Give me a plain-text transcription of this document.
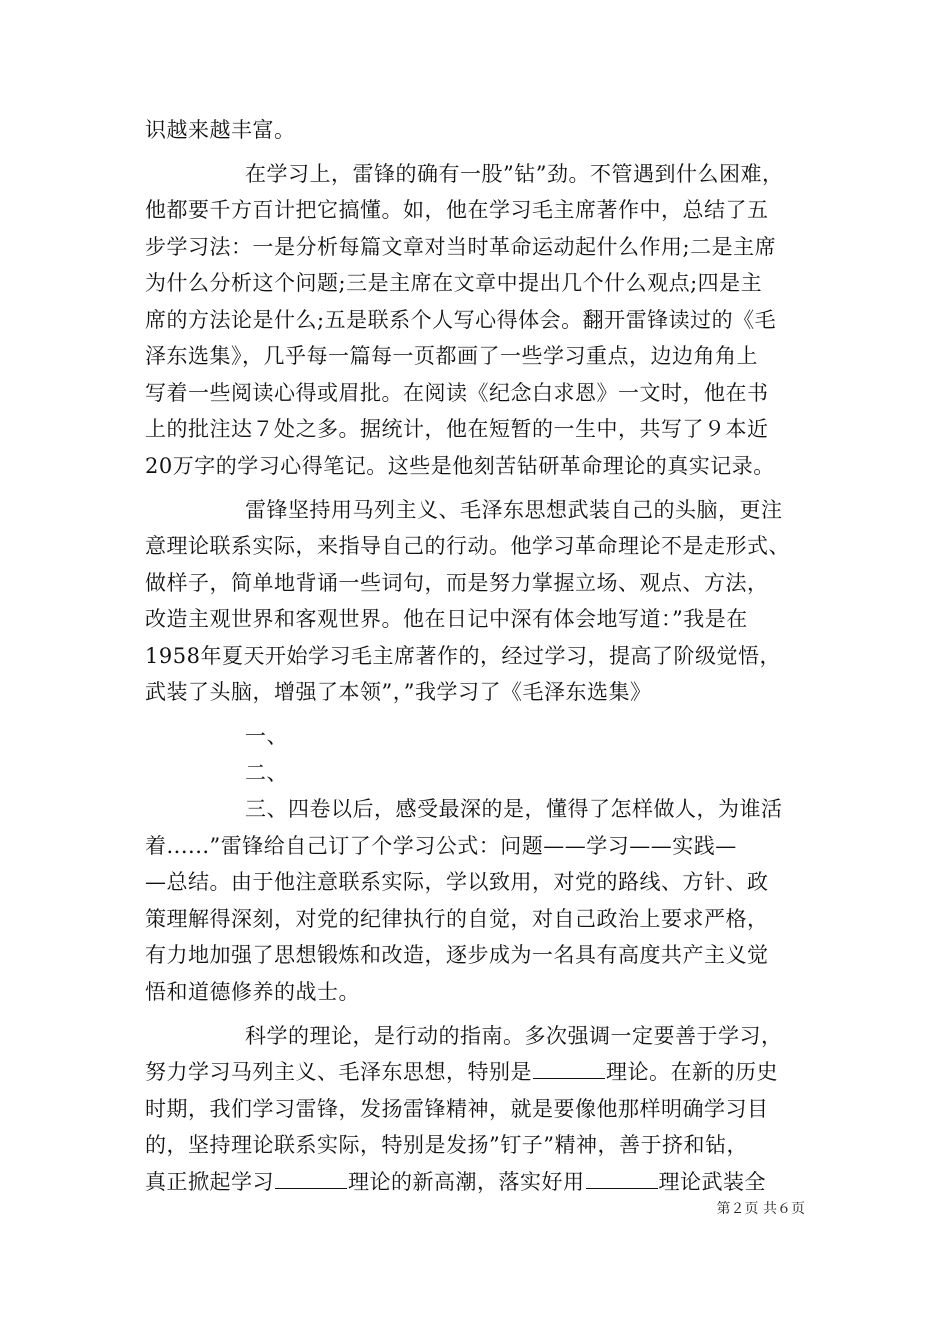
识越来越丰富。
在学习上，雷锋的确有一股”钻”劲。不管遇到什么困难，
他都要千方百计把它搞懂。如，他在学习毛主席著作中，总结了五
步学习法：一是分析每篇文章对当时革命运动起什么作用;二是主席
为什么分析这个问题;三是主席在文章中提出几个什么观点;四是主
席的方法论是什么;五是联系个人写心得体会。翻开雷锋读过的《毛
泽东选集》，几乎每一篇每一页都画了一些学习重点，边边角角上
写着一些阅读心得或眉批。在阅读《纪念白求恩》一文时，他在书
上的批注达７处之多。据统计，他在短暂的一生中，共写了９本近
20万字的学习心得笔记。这些是他刻苦钻研革命理论的真实记录。
雷锋坚持用马列主义、毛泽东思想武装自己的头脑，更注
意理论联系实际，来指导自己的行动。他学习革命理论不是走形式、
做样子，简单地背诵一些词句，而是努力掌握立场、观点、方法，
改造主观世界和客观世界。他在日记中深有体会地写道：”我是在
1958年夏天开始学习毛主席著作的，经过学习，提高了阶级觉悟，
武装了头脑，增强了本领”，”我学习了《毛泽东选集》
一、
二、
三、四卷以后，感受最深的是，懂得了怎样做人，为谁活
着......”雷锋给自己订了个学习公式：问题——学习——实践—
—总结。由于他注意联系实际，学以致用，对党的路线、方针、政
策理解得深刻，对党的纪律执行的自觉，对自己政治上要求严格，
有力地加强了思想锻炼和改造，逐步成为一名具有高度共产主义觉
悟和道德修养的战士。
科学的理论，是行动的指南。多次强调一定要善于学习，
努力学习马列主义、毛泽东思想，特别是	理论。在新的历史
时期，我们学习雷锋，发扬雷锋精神，就是要像他那样明确学习目
的，坚持理论联系实际，特别是发扬”钉子”精神，善于挤和钻，
真正掀起学习	理论的新高潮，落实好用	理论武装全
第２页 共６页
